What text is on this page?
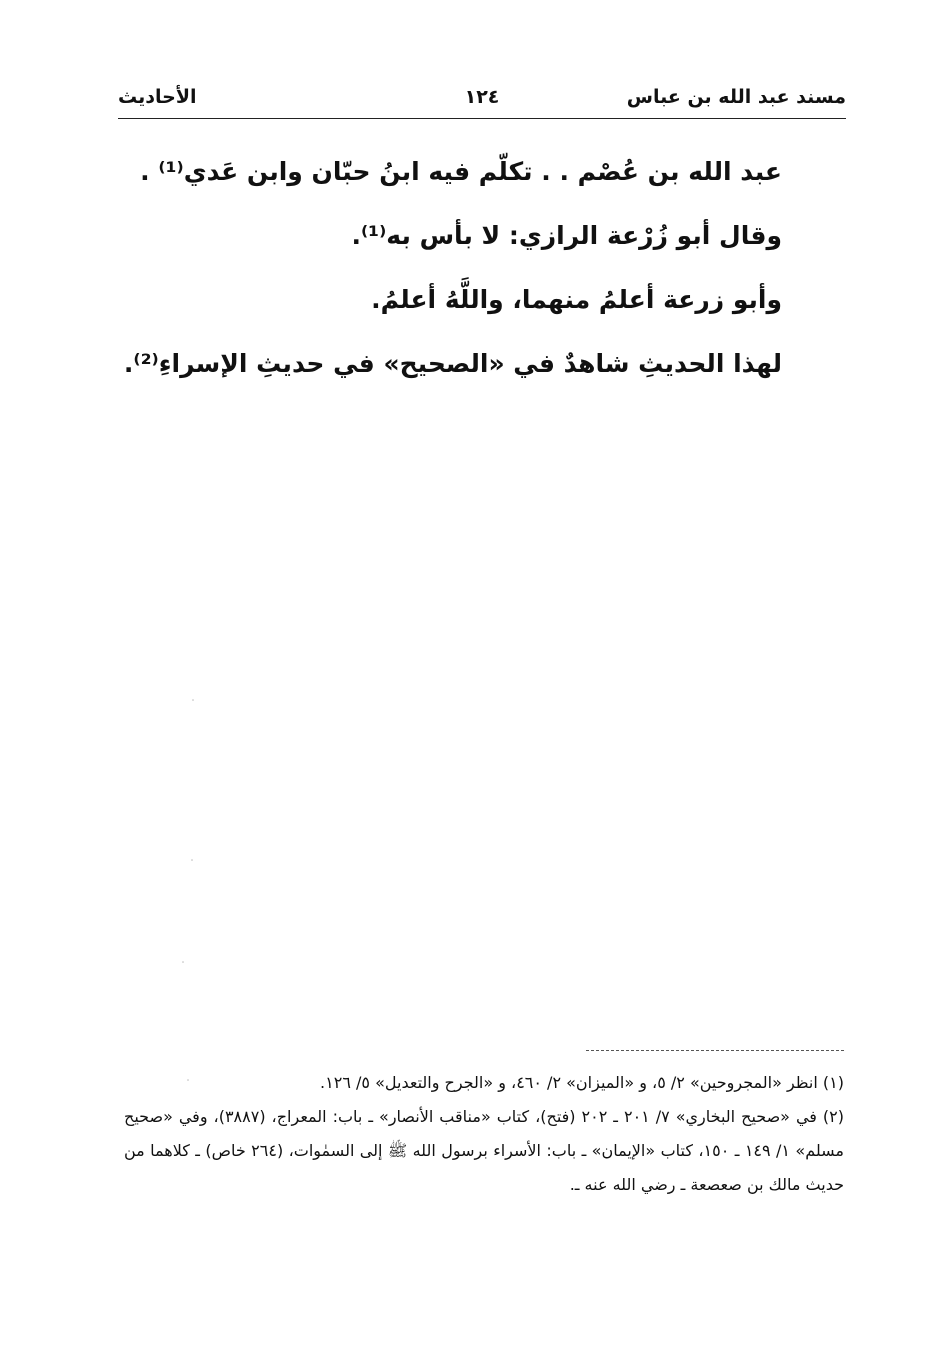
مسند عبد الله بن عباس
١٢٤
الأحاديث

عبد الله بن عُصْم . . تكلّم فيه ابنُ حبّان وابن عَدي⁽¹⁾ .

وقال أبو زُرْعة الرازي: لا بأس به⁽¹⁾.

وأبو زرعة أعلمُ منهما، واللَّهُ أعلمُ.

لهذا الحديثِ شاهدٌ في «الصحيح» في حديثِ الإسراءِ⁽²⁾.

(١) انظر «المجروحين» ٢/ ٥، و «الميزان» ٢/ ٤٦٠، و «الجرح والتعديل» ٥/ ١٢٦.

(٢) في «صحيح البخاري» ٧/ ٢٠١ ـ ٢٠٢ (فتح)، كتاب «مناقب الأنصار» ـ باب: المعراج، (٣٨٨٧)، وفي «صحيح مسلم» ١/ ١٤٩ ـ ١٥٠، كتاب «الإيمان» ـ باب: الأسراء برسول الله ﷺ إلى السمٰوات، (٢٦٤ خاص) ـ كلاهما من حديث مالك بن صعصعة ـ رضي الله عنه ـ.
